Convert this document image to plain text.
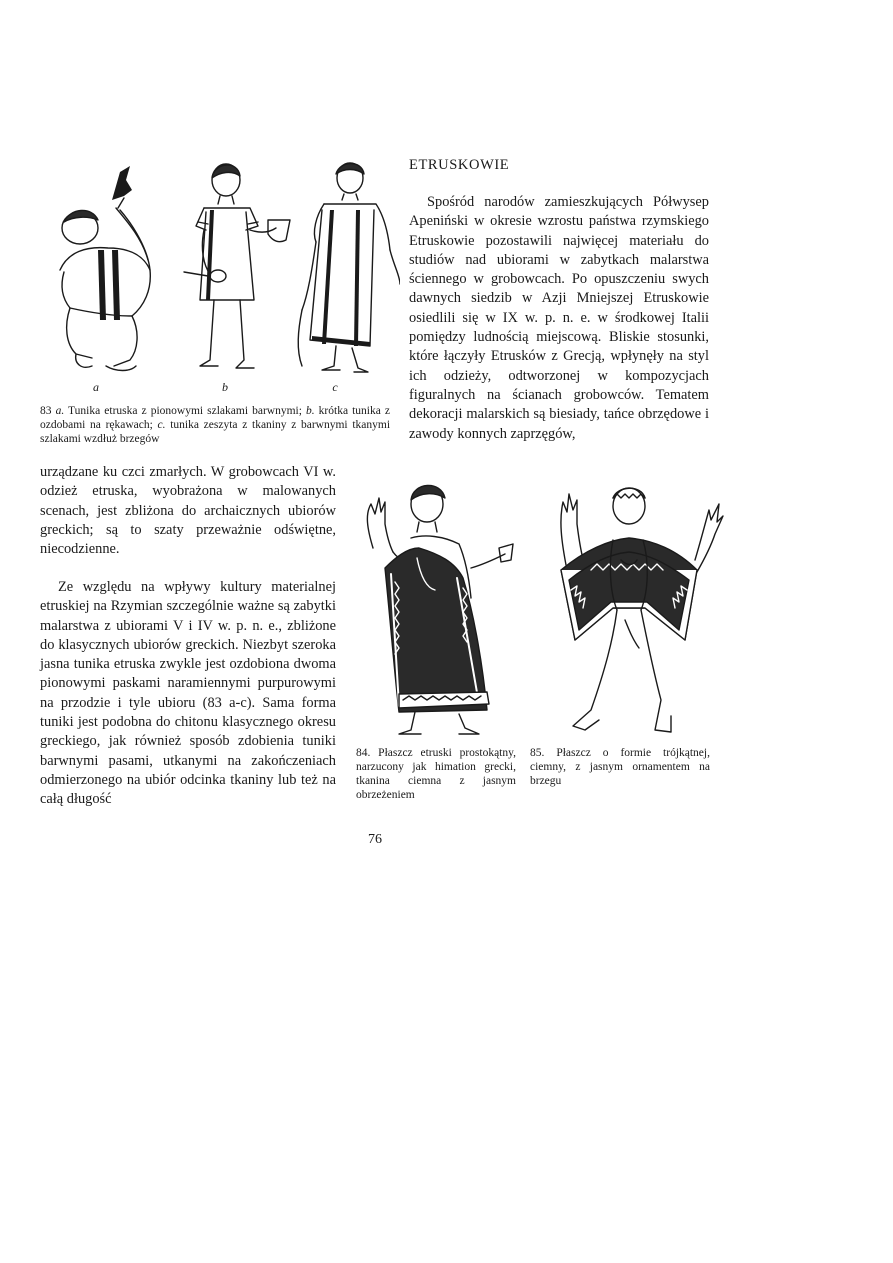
a	b	c
83 a. Tunika etruska z pionowymi szlakami barwnymi; b. krótka tunika z ozdobami na rękawach; c. tunika zeszyta z tkaniny z barwnymi tkanymi szlakami wzdłuż brzegów
ETRUSKOWIE
Spośród narodów zamieszkujących Półwysep Apeniński w okresie wzrostu państwa rzymskiego Etruskowie pozostawili najwięcej materiału do studiów nad ubiorami w zabytkach malarstwa ściennego w grobowcach. Po opuszczeniu swych dawnych siedzib w Azji Mniejszej Etruskowie osiedlili się w IX w. p. n. e. w środkowej Italii pomiędzy ludnością miejscową. Bliskie stosunki, które łączyły Etrusków z Grecją, wpłynęły na styl ich odzieży, odtworzonej w kompozycjach figuralnych na ścianach grobowców. Tematem dekoracji malarskich są biesiady, tańce obrzędowe i zawody konnych zaprzęgów,
urządzane ku czci zmarłych. W grobowcach VI w. odzież etruska, wyobrażona w malowanych scenach, jest zbliżona do archaicznych ubiorów greckich; są to szaty przeważnie odświętne, niecodzienne.
Ze względu na wpływy kultury materialnej etruskiej na Rzymian szczególnie ważne są zabytki malarstwa z ubiorami V i IV w. p. n. e., zbliżone do klasycznych ubiorów greckich. Niezbyt szeroka jasna tunika etruska zwykle jest ozdobiona dwoma pionowymi paskami naramiennymi purpurowymi na przodzie i tyle ubioru (83 a-c). Sama forma tuniki jest podobna do chitonu klasycznego okresu greckiego, jak również sposób zdobienia tuniki barwnymi pasami, utkanymi na zakończeniach odmierzonego na ubiór odcinka tkaniny lub też na całą długość
84. Płaszcz etruski prostokątny, narzucony jak himation grecki, tkanina ciemna z jasnym obrzeżeniem
85. Płaszcz o formie trójkątnej, ciemny, z jasnym ornamentem na brzegu
76
